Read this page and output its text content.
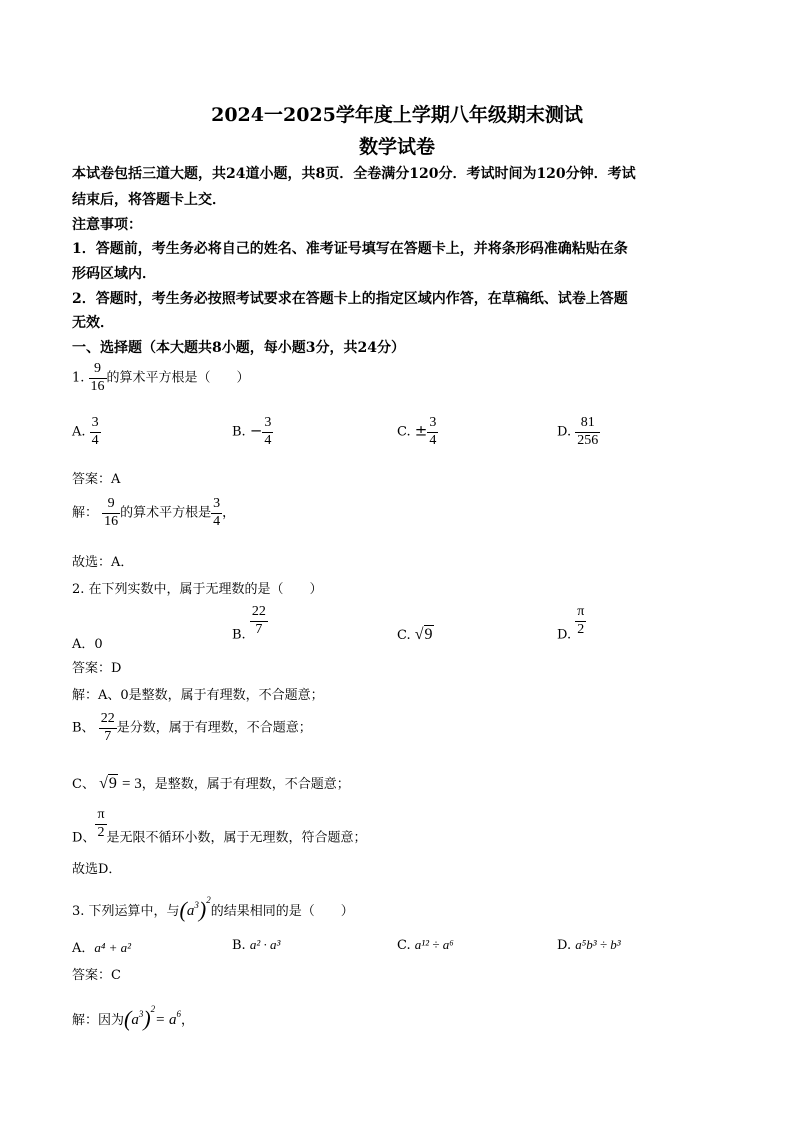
2024一2025学年度上学期八年级期末测试
数学试卷
本试卷包括三道大题，共24道小题，共8页．全卷满分120分．考试时间为120分钟．考试
结束后，将答题卡上交．
注意事项：
1．答题前，考生务必将自己的姓名、准考证号填写在答题卡上，并将条形码准确粘贴在条
形码区域内．
2．答题时，考生务必按照考试要求在答题卡上的指定区域内作答，在草稿纸、试卷上答题
无效．
一、选择题（本大题共8小题，每小题3分，共24分）
1. $\frac{9}{16}$ 的算术平方根是（　　）
A. $\frac{3}{4}$	B. − $\frac{3}{4}$	C. ± $\frac{3}{4}$	D. $\frac{81}{256}$
答案：A
解： $\frac{9}{16}$ 的算术平方根是 $\frac{3}{4}$ ，
故选：A．
2. 在下列实数中，属于无理数的是（　　）
A．0
B. $\frac{22}{7}$	C. √9	D. $\frac{\pi}{2}$
答案：D
解：A、0是整数，属于有理数，不合题意；
B、 $\frac{22}{7}$ 是分数，属于有理数，不合题意；
C、 √9 = 3，是整数，属于有理数，不合题意；
D、 $\frac{\pi}{2}$ 是无限不循环小数，属于无理数，符合题意；
故选D．
3. 下列运算中，与$(a^3)^2$的结果相同的是（　　）
A．a⁴ + a²	B. a² · a³	C. a¹² ÷ a⁶	D. a⁵b³ ÷ b³
答案：C
解：因为$(a^3)^2= a^6$，
